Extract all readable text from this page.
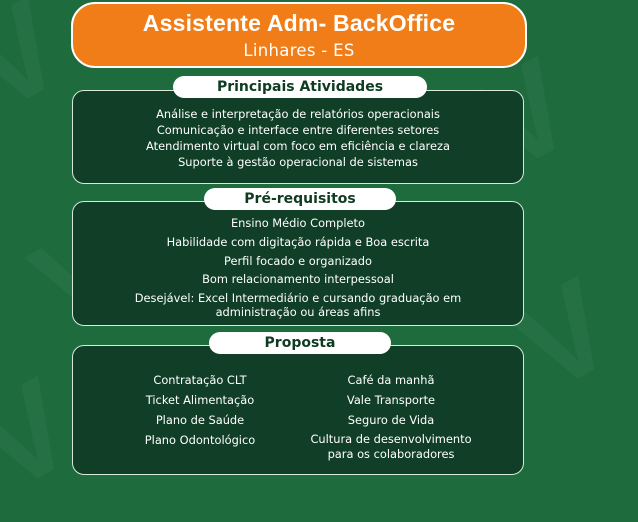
Assistente Adm- BackOffice
Linhares - ES
Análise e interpretação de relatórios operacionais
Comunicação e interface entre diferentes setores
Atendimento virtual com foco em eficiência e clareza
Suporte à gestão operacional de sistemas
Principais Atividades
Ensino Médio Completo
Habilidade com digitação rápida e Boa escrita
Perfil focado e organizado
Bom relacionamento interpessoal
Desejável: Excel Intermediário e cursando graduação em administração ou áreas afins
Pré-requisitos
Contratação CLT
Ticket Alimentação
Plano de Saúde
Plano Odontológico
Café da manhã
Vale Transporte
Seguro de Vida
Cultura de desenvolvimento para os colaboradores
Proposta
